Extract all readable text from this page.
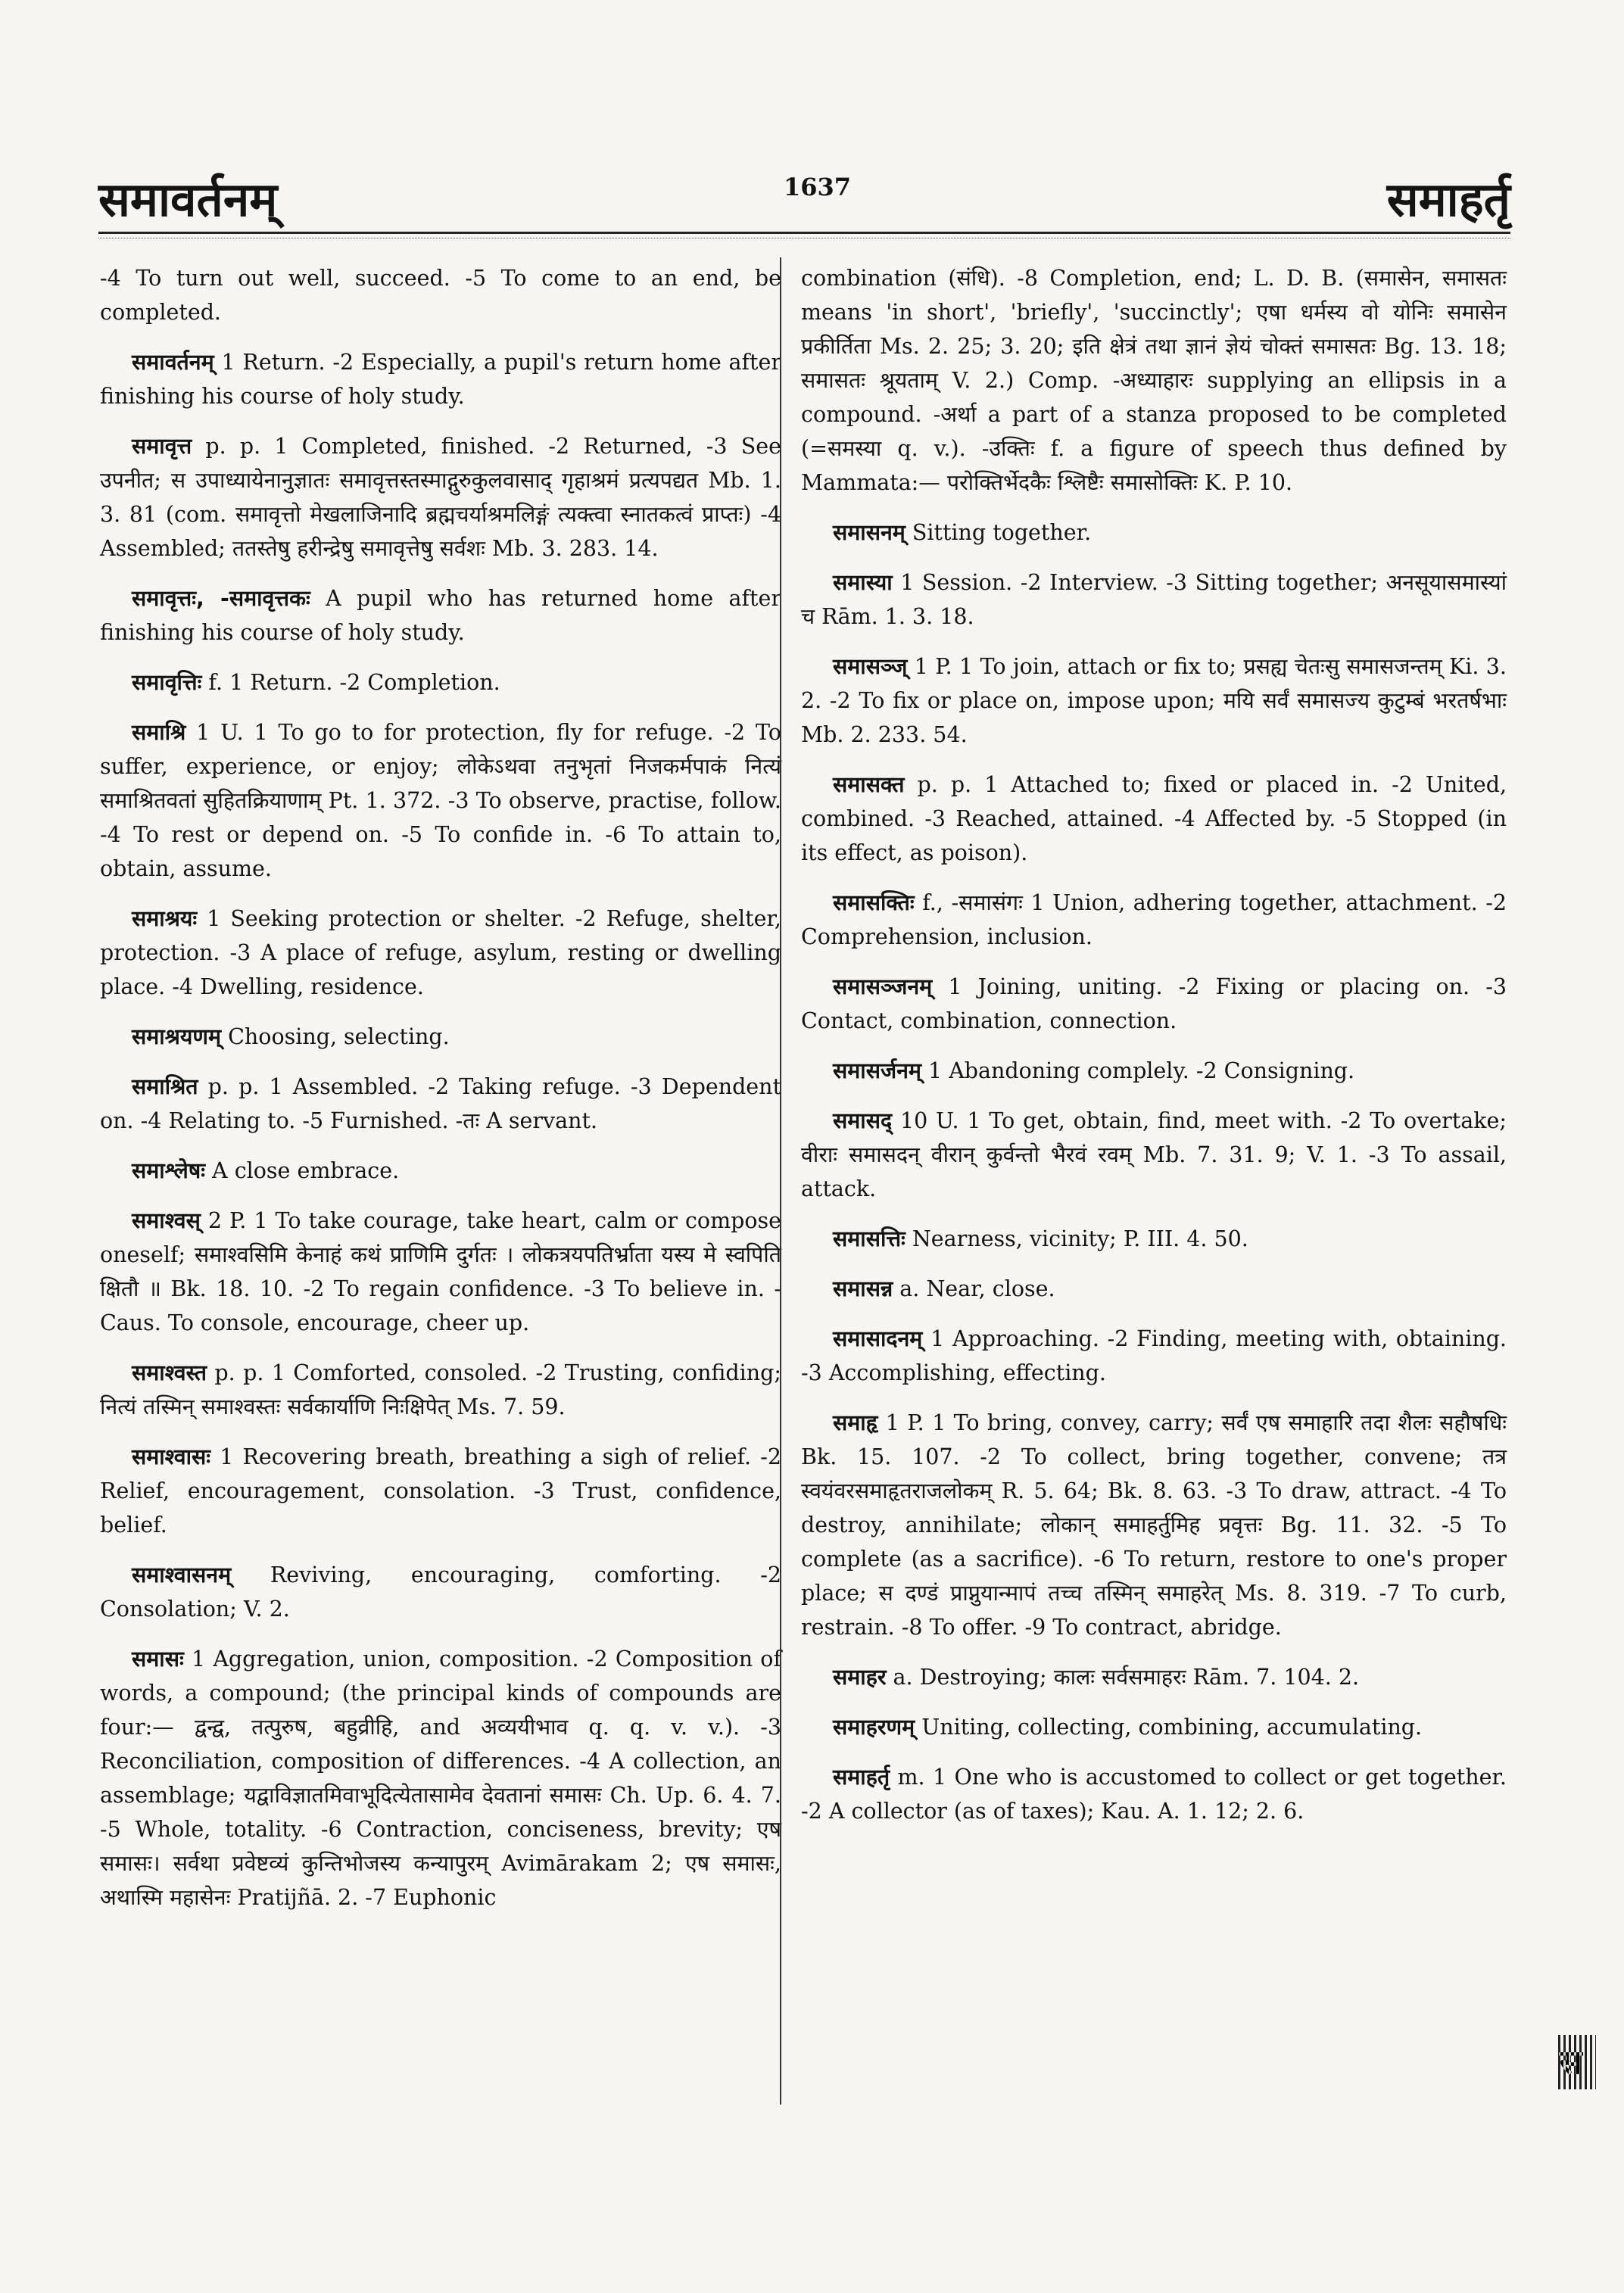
समावर्तनम्	1637	समाहर्तृ

-4 To turn out well, succeed. -5 To come to an end, be completed.

समावर्तनम् 1 Return. -2 Especially, a pupil's return home after finishing his course of holy study.

समावृत्त p. p. 1 Completed, finished. -2 Returned, -3 See उपनीत; स उपाध्यायेनानुज्ञातः समावृत्तस्तस्माद्गुरुकुलवासाद् गृहाश्रमं प्रत्यपद्यत Mb. 1. 3. 81 (com. समावृत्तो मेखलाजिनादि ब्रह्मचर्याश्रमलिङ्गं त्यक्त्वा स्नातकत्वं प्राप्तः) -4 Assembled; ततस्तेषु हरीन्द्रेषु समावृत्तेषु सर्वशः Mb. 3. 283. 14.

समावृत्तः, -समावृत्तकः A pupil who has returned home after finishing his course of holy study.

समावृत्तिः f. 1 Return. -2 Completion.

समाश्रि 1 U. 1 To go to for protection, fly for refuge. -2 To suffer, experience, or enjoy; लोकेऽथवा तनुभृतां निजकर्मपाकं नित्यं समाश्रितवतां सुहितक्रियाणाम् Pt. 1. 372. -3 To observe, practise, follow. -4 To rest or depend on. -5 To confide in. -6 To attain to, obtain, assume.

समाश्रयः 1 Seeking protection or shelter. -2 Refuge, shelter, protection. -3 A place of refuge, asylum, resting or dwelling place. -4 Dwelling, residence.

समाश्रयणम् Choosing, selecting.

समाश्रित p. p. 1 Assembled. -2 Taking refuge. -3 Dependent on. -4 Relating to. -5 Furnished. -तः A servant.

समाश्लेषः A close embrace.

समाश्वस् 2 P. 1 To take courage, take heart, calm or compose oneself; समाश्वसिमि केनाहं कथं प्राणिमि दुर्गतः । लोकत्रयपतिर्भ्राता यस्य मे स्वपिति क्षितौ ॥ Bk. 18. 10. -2 To regain confidence. -3 To believe in. -Caus. To console, encourage, cheer up.

समाश्वस्त p. p. 1 Comforted, consoled. -2 Trusting, confiding; नित्यं तस्मिन् समाश्वस्तः सर्वकार्याणि निःक्षिपेत् Ms. 7. 59.

समाश्वासः 1 Recovering breath, breathing a sigh of relief. -2 Relief, encouragement, consolation. -3 Trust, confidence, belief.

समाश्वासनम् Reviving, encouraging, comforting. -2 Consolation; V. 2.

समासः 1 Aggregation, union, composition. -2 Composition of words, a compound; (the principal kinds of compounds are four:— द्वन्द्व, तत्पुरुष, बहुव्रीहि, and अव्ययीभाव q. q. v. v.). -3 Reconciliation, composition of differences. -4 A collection, an assemblage; यद्वाविज्ञातमिवाभूदित्येतासामेव देवतानां समासः Ch. Up. 6. 4. 7. -5 Whole, totality. -6 Contraction, conciseness, brevity; एष समासः। सर्वथा प्रवेष्टव्यं कुन्तिभोजस्य कन्यापुरम् Avimārakam 2; एष समासः, अथास्मि महासेनः Pratijñā. 2. -7 Euphonic

combination (संधि). -8 Completion, end; L. D. B. (समासेन, समासतः means 'in short', 'briefly', 'succinctly'; एषा धर्मस्य वो योनिः समासेन प्रकीर्तिता Ms. 2. 25; 3. 20; इति क्षेत्रं तथा ज्ञानं ज्ञेयं चोक्तं समासतः Bg. 13. 18; समासतः श्रूयताम् V. 2.) Comp. -अध्याहारः supplying an ellipsis in a compound. -अर्था a part of a stanza proposed to be completed (=समस्या q. v.). -उक्तिः f. a figure of speech thus defined by Mammata:— परोक्तिर्भेदकैः श्लिष्टैः समासोक्तिः K. P. 10.

समासनम् Sitting together.

समास्या 1 Session. -2 Interview. -3 Sitting together; अनसूयासमास्यां च Rām. 1. 3. 18.

समासञ्ज् 1 P. 1 To join, attach or fix to; प्रसह्य चेतःसु समासजन्तम् Ki. 3. 2. -2 To fix or place on, impose upon; मयि सर्वं समासज्य कुटुम्बं भरतर्षभाः Mb. 2. 233. 54.

समासक्त p. p. 1 Attached to; fixed or placed in. -2 United, combined. -3 Reached, attained. -4 Affected by. -5 Stopped (in its effect, as poison).

समासक्तिः f., -समासंगः 1 Union, adhering together, attachment. -2 Comprehension, inclusion.

समासञ्जनम् 1 Joining, uniting. -2 Fixing or placing on. -3 Contact, combination, connection.

समासर्जनम् 1 Abandoning complely. -2 Consigning.

समासद् 10 U. 1 To get, obtain, find, meet with. -2 To overtake; वीराः समासदन् वीरान् कुर्वन्तो भैरवं रवम् Mb. 7. 31. 9; V. 1. -3 To assail, attack.

समासत्तिः Nearness, vicinity; P. III. 4. 50.

समासन्न a. Near, close.

समासादनम् 1 Approaching. -2 Finding, meeting with, obtaining. -3 Accomplishing, effecting.

समाहृ 1 P. 1 To bring, convey, carry; सर्वं एष समाहारि तदा शैलः सहौषधिः Bk. 15. 107. -2 To collect, bring together, convene; तत्र स्वयंवरसमाहृतराजलोकम् R. 5. 64; Bk. 8. 63. -3 To draw, attract. -4 To destroy, annihilate; लोकान् समाहर्तुमिह प्रवृत्तः Bg. 11. 32. -5 To complete (as a sacrifice). -6 To return, restore to one's proper place; स दण्डं प्राप्नुयान्मापं तच्च तस्मिन् समाहरेत् Ms. 8. 319. -7 To curb, restrain. -8 To offer. -9 To contract, abridge.

समाहर a. Destroying; कालः सर्वसमाहरः Rām. 7. 104. 2.

समाहरणम् Uniting, collecting, combining, accumulating.

समाहर्तृ m. 1 One who is accustomed to collect or get together. -2 A collector (as of taxes); Kau. A. 1. 12; 2. 6.

स
